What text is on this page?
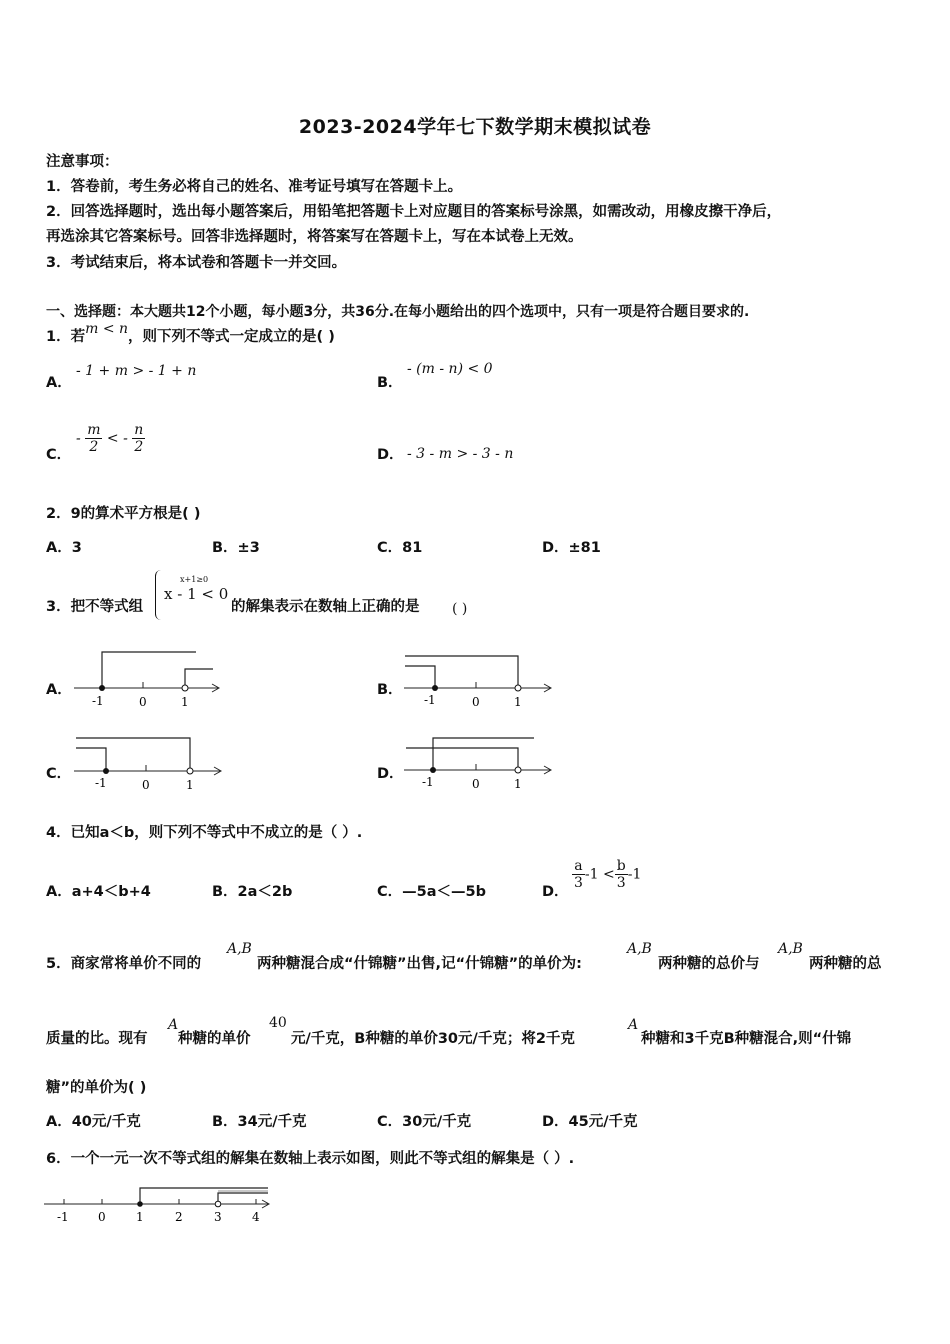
2023-2024学年七下数学期末模拟试卷
注意事项：
1．答卷前，考生务必将自己的姓名、准考证号填写在答题卡上。
2．回答选择题时，选出每小题答案后，用铅笔把答题卡上对应题目的答案标号涂黑，如需改动，用橡皮擦干净后，
再选涂其它答案标号。回答非选择题时，将答案写在答题卡上，写在本试卷上无效。
3．考试结束后，将本试卷和答题卡一并交回。
一、选择题：本大题共12个小题，每小题3分，共36分.在每小题给出的四个选项中，只有一项是符合题目要求的.
1．若m < n，则下列不等式一定成立的是( )
A．
- 1 + m > - 1 + n
B．
- (m - n) < 0
C．
- $\frac{m}{2}$ < - $\frac{n}{2}$	D． - 3 - m > - 3 - n
2．9的算术平方根是( )
A．3	B．±3	C．81	D．±81
3．把不等式组
x+1≥0
x - 1 < 0
的解集表示在数轴上正确的是 ( )
A．
-1	0	1
B．
-1	0	1
C．
-1	0	1
D． -1	0	1
4．已知a＜b，则下列不等式中不成立的是（ ）.
A．a+4＜b+4	B．2a＜2b	C．—5a＜—5b	D．
$\frac{a}{3} -1 < \frac{b}{3} -1$
5．商家常将单价不同的
A,B
两种糖混合成“什锦糖”出售,记“什锦糖”的单价为:
A,B
两种糖的总价与
A,B
两种糖的总
质量的比。现有
A
种糖的单价
40
元/千克，B种糖的单价30元/千克；将2千克
A
种糖和3千克B种糖混合,则“什锦
糖”的单价为( )
A．40元/千克	B．34元/千克	C．30元/千克	D．45元/千克
6．一个一元一次不等式组的解集在数轴上表示如图，则此不等式组的解集是（ ）.
-1 0	1	2	3	4
